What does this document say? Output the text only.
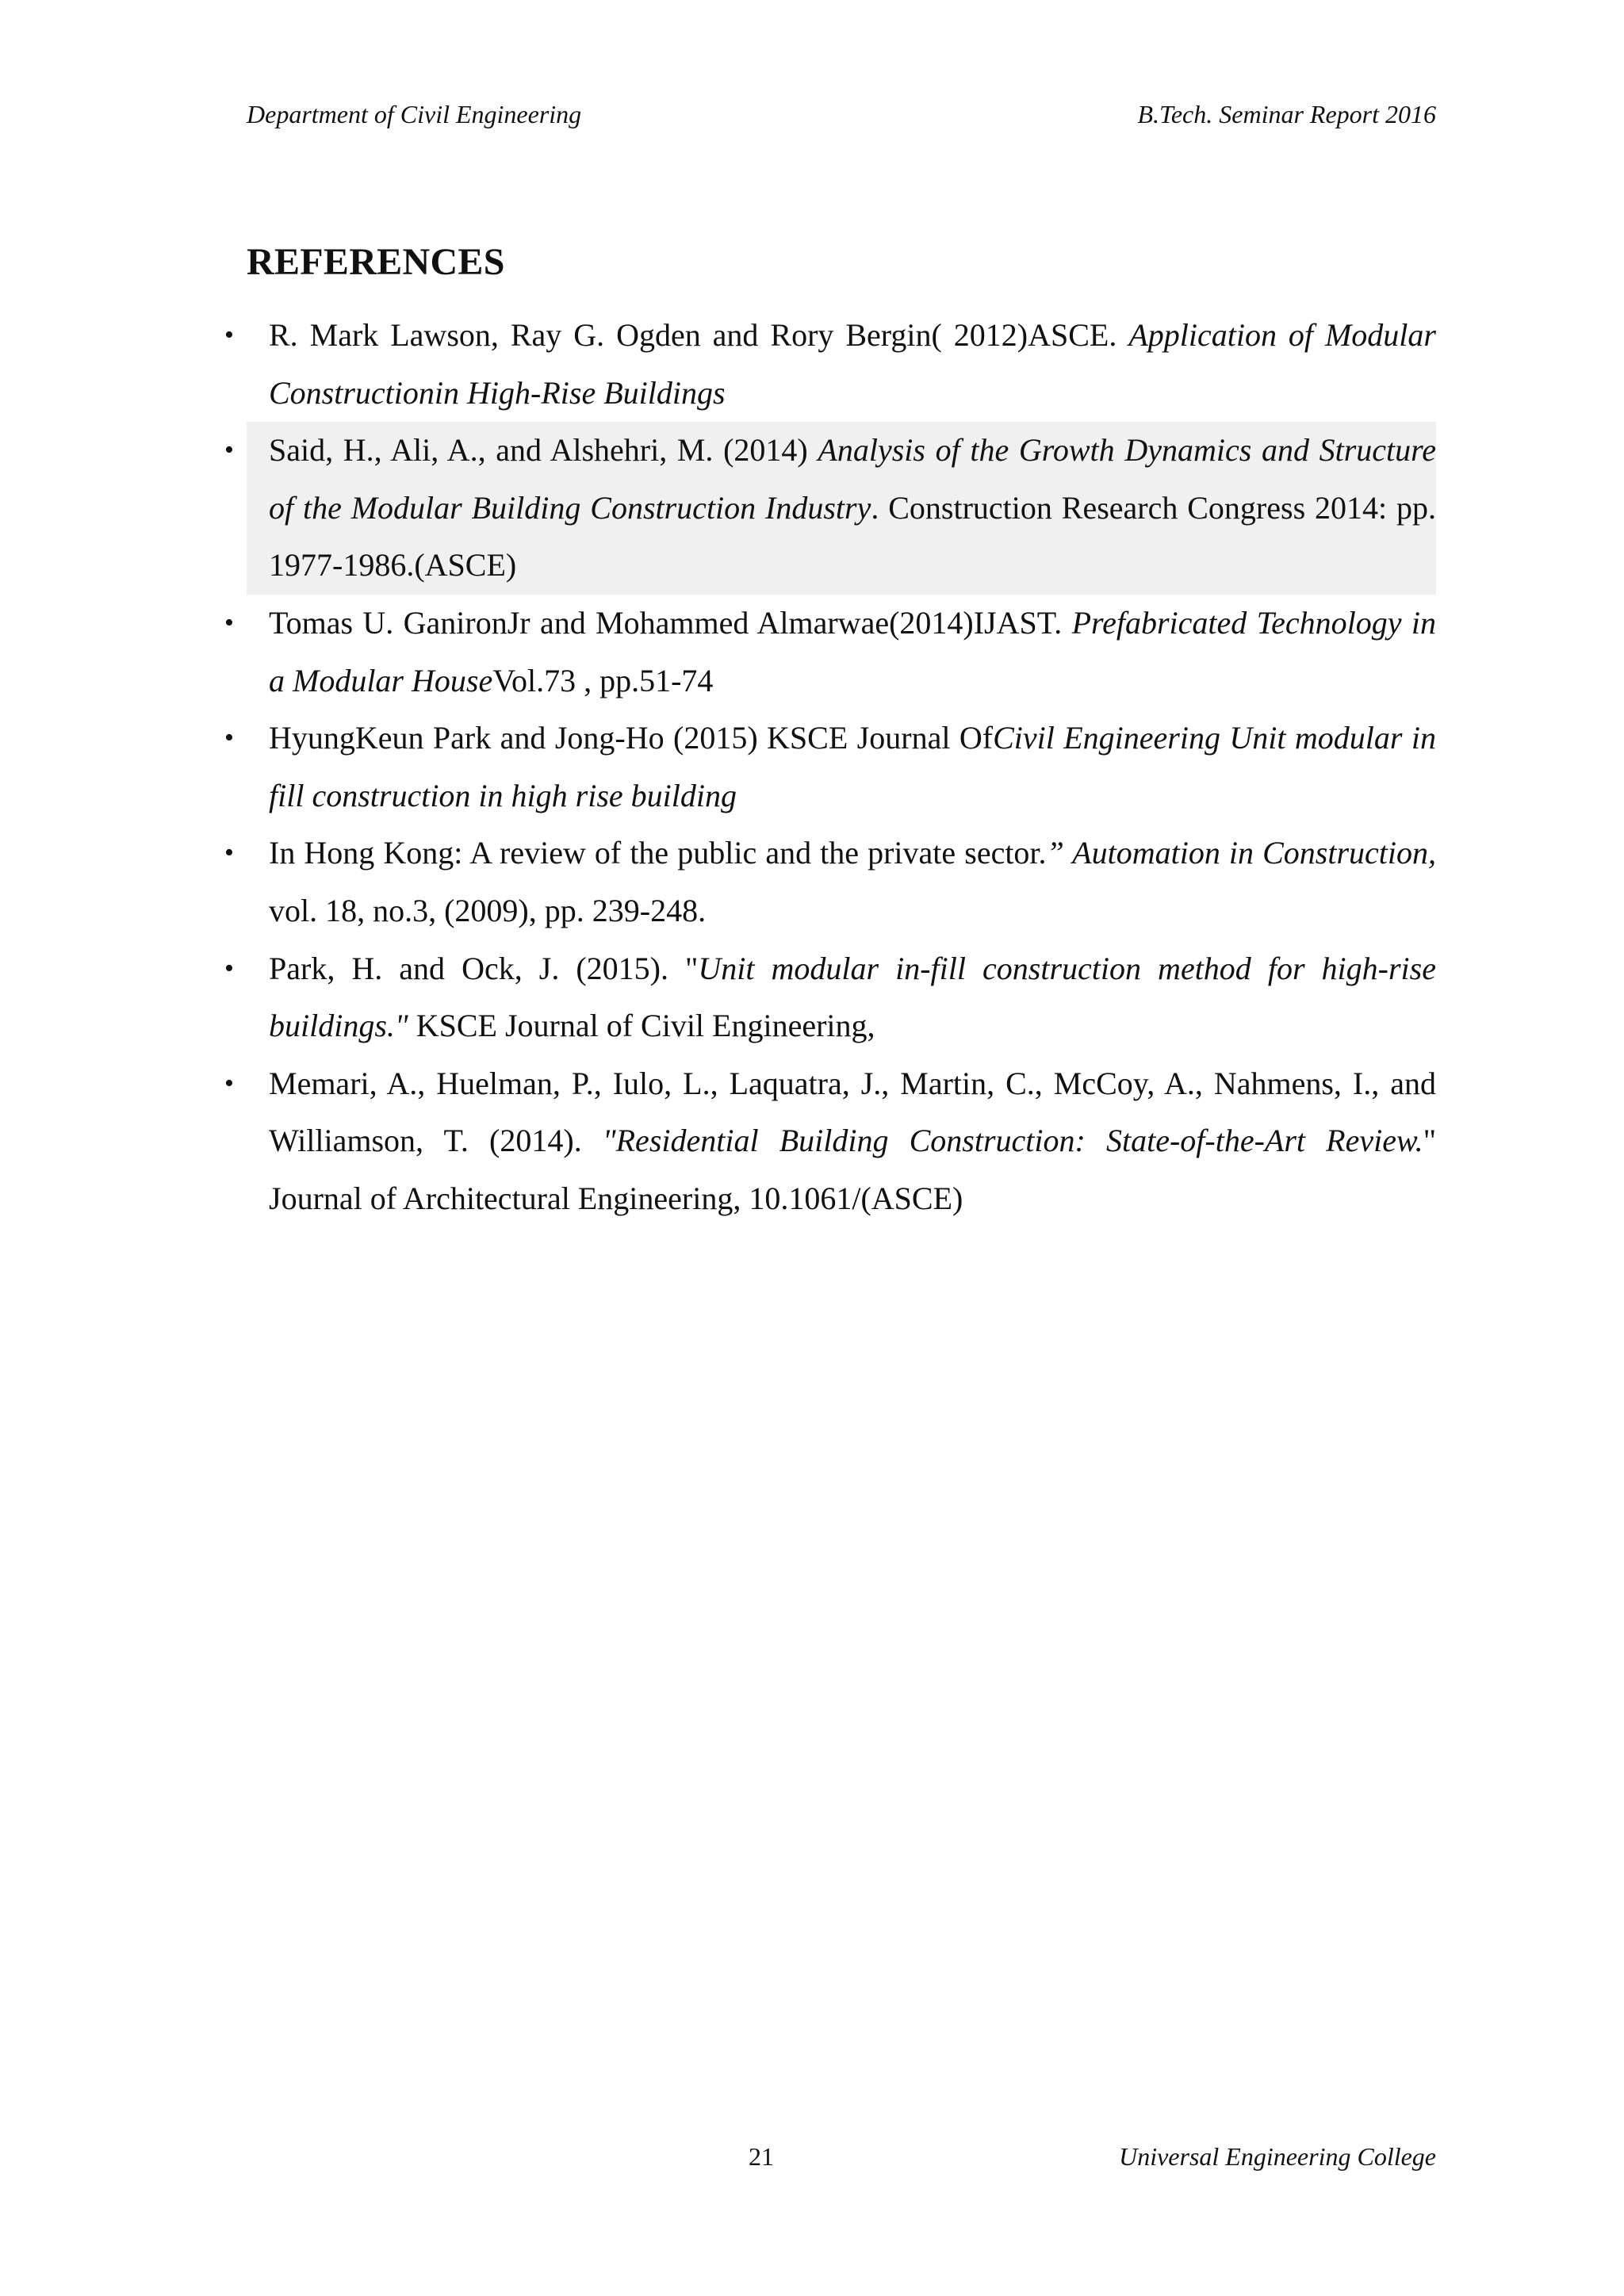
Department of Civil Engineering	B.Tech. Seminar Report 2016
REFERENCES
•	R. Mark Lawson, Ray G. Ogden and Rory Bergin( 2012)ASCE. Application of Modular Constructionin High-Rise Buildings
•	Said, H., Ali, A., and Alshehri, M. (2014) Analysis of the Growth Dynamics and Structure of the Modular Building Construction Industry. Construction Research Congress 2014: pp. 1977-1986.(ASCE)
•	Tomas U. GanironJr and Mohammed Almarwae(2014)IJAST. Prefabricated Technology in a Modular HouseVol.73 , pp.51-74
•	HyungKeun Park and Jong-Ho (2015) KSCE Journal OfCivil Engineering Unit modular in fill construction in high rise building
•	In Hong Kong: A review of the public and the private sector.” Automation in Construction, vol. 18, no.3, (2009), pp. 239-248.
•	Park, H. and Ock, J. (2015). "Unit modular in-fill construction method for high-rise buildings." KSCE Journal of Civil Engineering,
•	Memari, A., Huelman, P., Iulo, L., Laquatra, J., Martin, C., McCoy, A., Nahmens, I., and Williamson, T. (2014). "Residential Building Construction: State-of-the-Art Review." Journal of Architectural Engineering, 10.1061/(ASCE)
21	Universal Engineering College
